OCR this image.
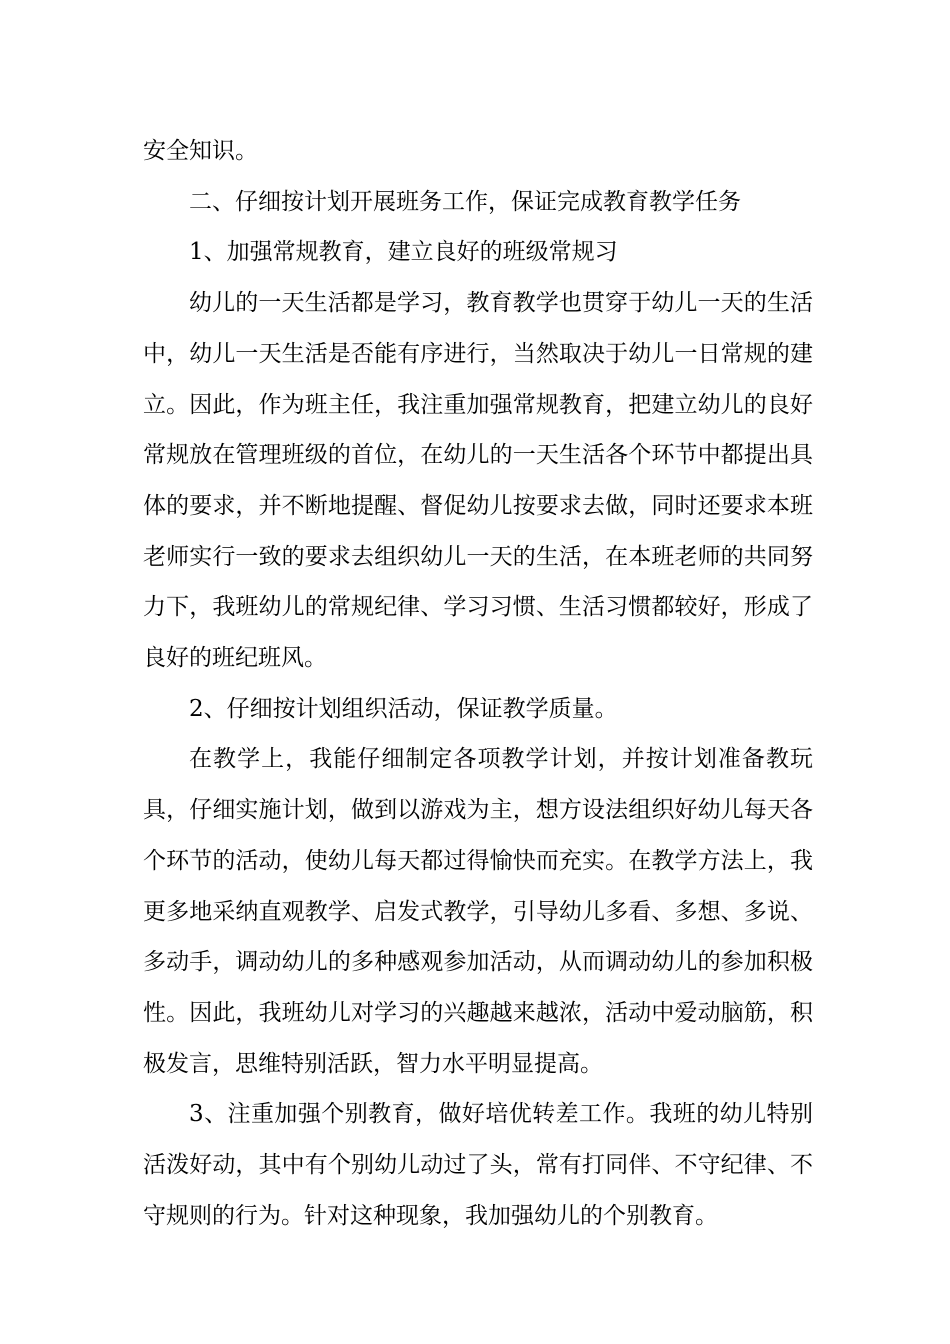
安全知识。

二、仔细按计划开展班务工作，保证完成教育教学任务

1、加强常规教育，建立良好的班级常规习

幼儿的一天生活都是学习，教育教学也贯穿于幼儿一天的生活中，幼儿一天生活是否能有序进行，当然取决于幼儿一日常规的建立。因此，作为班主任，我注重加强常规教育，把建立幼儿的良好常规放在管理班级的首位，在幼儿的一天生活各个环节中都提出具体的要求，并不断地提醒、督促幼儿按要求去做，同时还要求本班老师实行一致的要求去组织幼儿一天的生活，在本班老师的共同努力下，我班幼儿的常规纪律、学习习惯、生活习惯都较好，形成了良好的班纪班风。

2、仔细按计划组织活动，保证教学质量。

在教学上，我能仔细制定各项教学计划，并按计划准备教玩具，仔细实施计划，做到以游戏为主，想方设法组织好幼儿每天各个环节的活动，使幼儿每天都过得愉快而充实。在教学方法上，我更多地采纳直观教学、启发式教学，引导幼儿多看、多想、多说、多动手，调动幼儿的多种感观参加活动，从而调动幼儿的参加积极性。因此，我班幼儿对学习的兴趣越来越浓，活动中爱动脑筋，积极发言，思维特别活跃，智力水平明显提高。

3、注重加强个别教育，做好培优转差工作。我班的幼儿特别活泼好动，其中有个别幼儿动过了头，常有打同伴、不守纪律、不守规则的行为。针对这种现象，我加强幼儿的个别教育。
